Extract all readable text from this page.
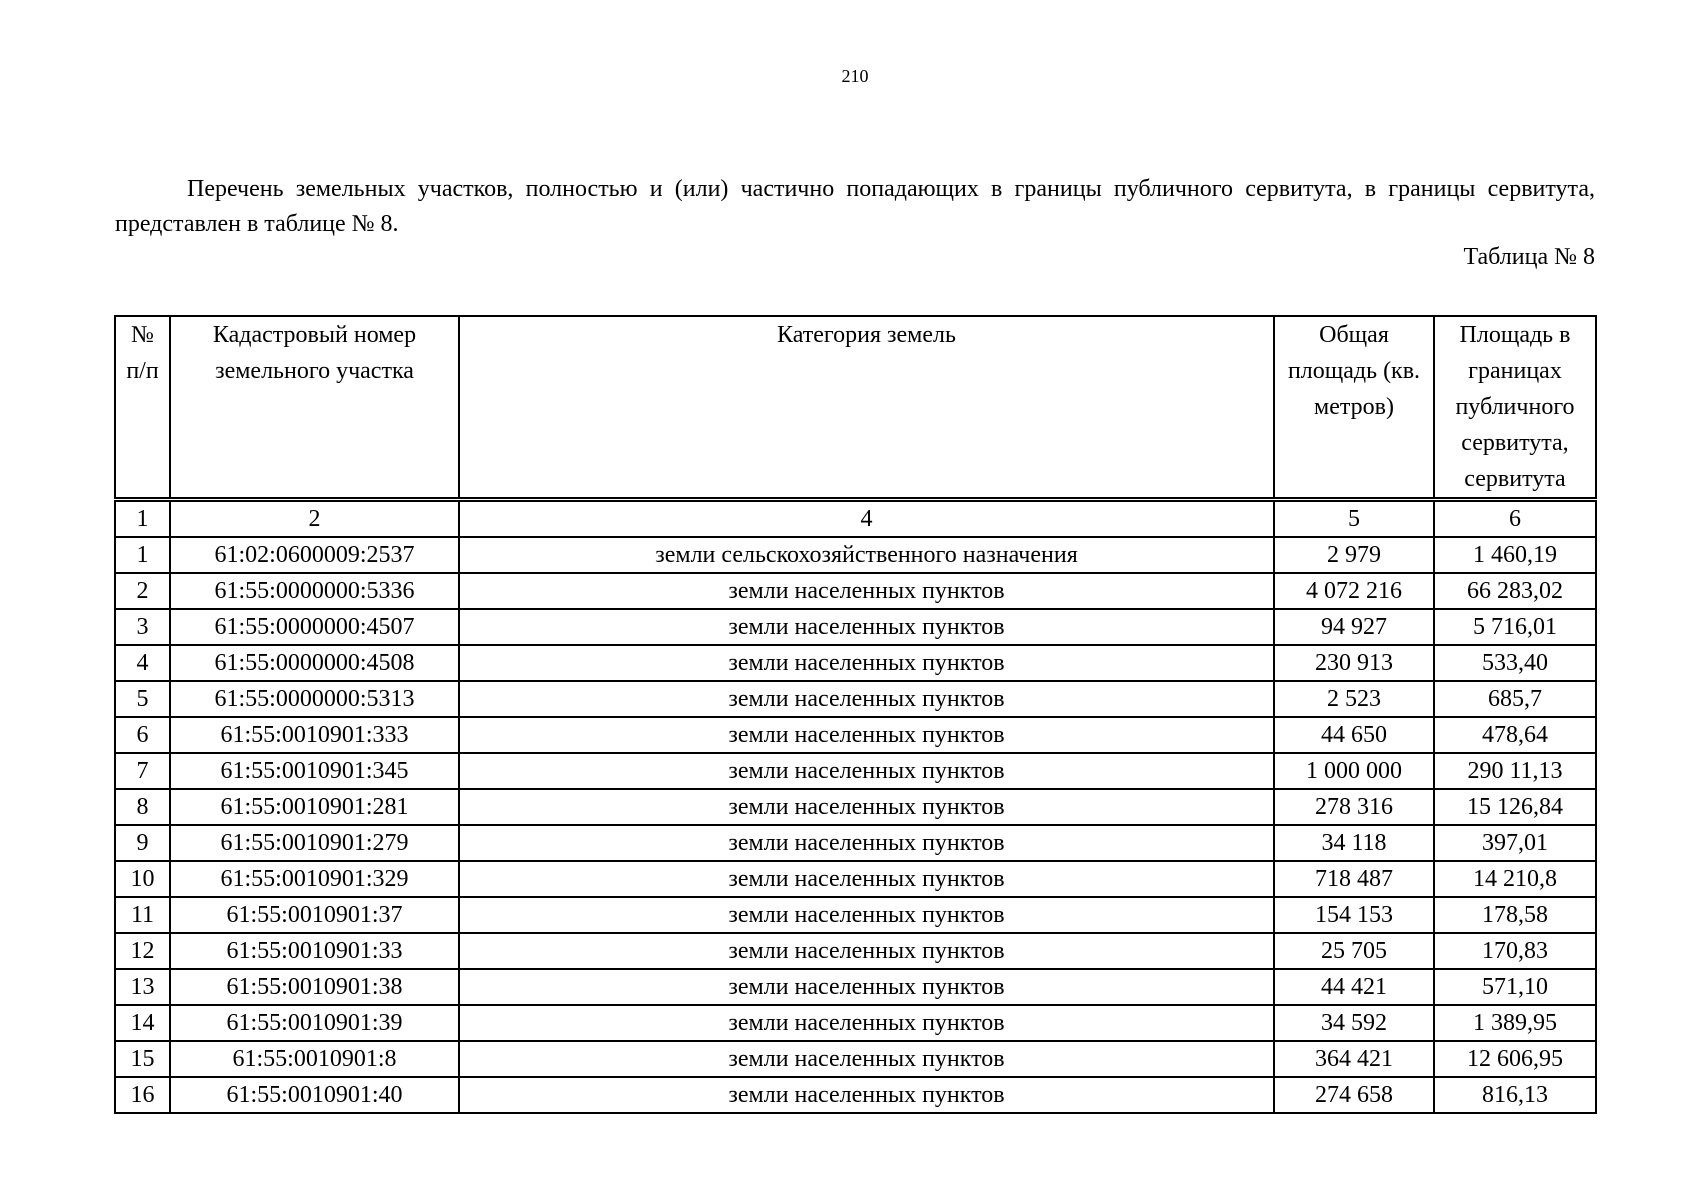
210

Перечень земельных участков, полностью и (или) частично попадающих в границы публичного сервитута, в границы сервитута, представлен в таблице № 8.

Таблица № 8
№ п/п	Кадастровый номер земельного участка	Категория земель	Общая площадь (кв. метров)	Площадь в границах публичного сервитута, сервитута
1	2	4	5	6
1	61:02:0600009:2537	земли сельскохозяйственного назначения	2 979	1 460,19
2	61:55:0000000:5336	земли населенных пунктов	4 072 216	66 283,02
3	61:55:0000000:4507	земли населенных пунктов	94 927	5 716,01
4	61:55:0000000:4508	земли населенных пунктов	230 913	533,40
5	61:55:0000000:5313	земли населенных пунктов	2 523	685,7
6	61:55:0010901:333	земли населенных пунктов	44 650	478,64
7	61:55:0010901:345	земли населенных пунктов	1 000 000	290 11,13
8	61:55:0010901:281	земли населенных пунктов	278 316	15 126,84
9	61:55:0010901:279	земли населенных пунктов	34 118	397,01
10	61:55:0010901:329	земли населенных пунктов	718 487	14 210,8
11	61:55:0010901:37	земли населенных пунктов	154 153	178,58
12	61:55:0010901:33	земли населенных пунктов	25 705	170,83
13	61:55:0010901:38	земли населенных пунктов	44 421	571,10
14	61:55:0010901:39	земли населенных пунктов	34 592	1 389,95
15	61:55:0010901:8	земли населенных пунктов	364 421	12 606,95
16	61:55:0010901:40	земли населенных пунктов	274 658	816,13
